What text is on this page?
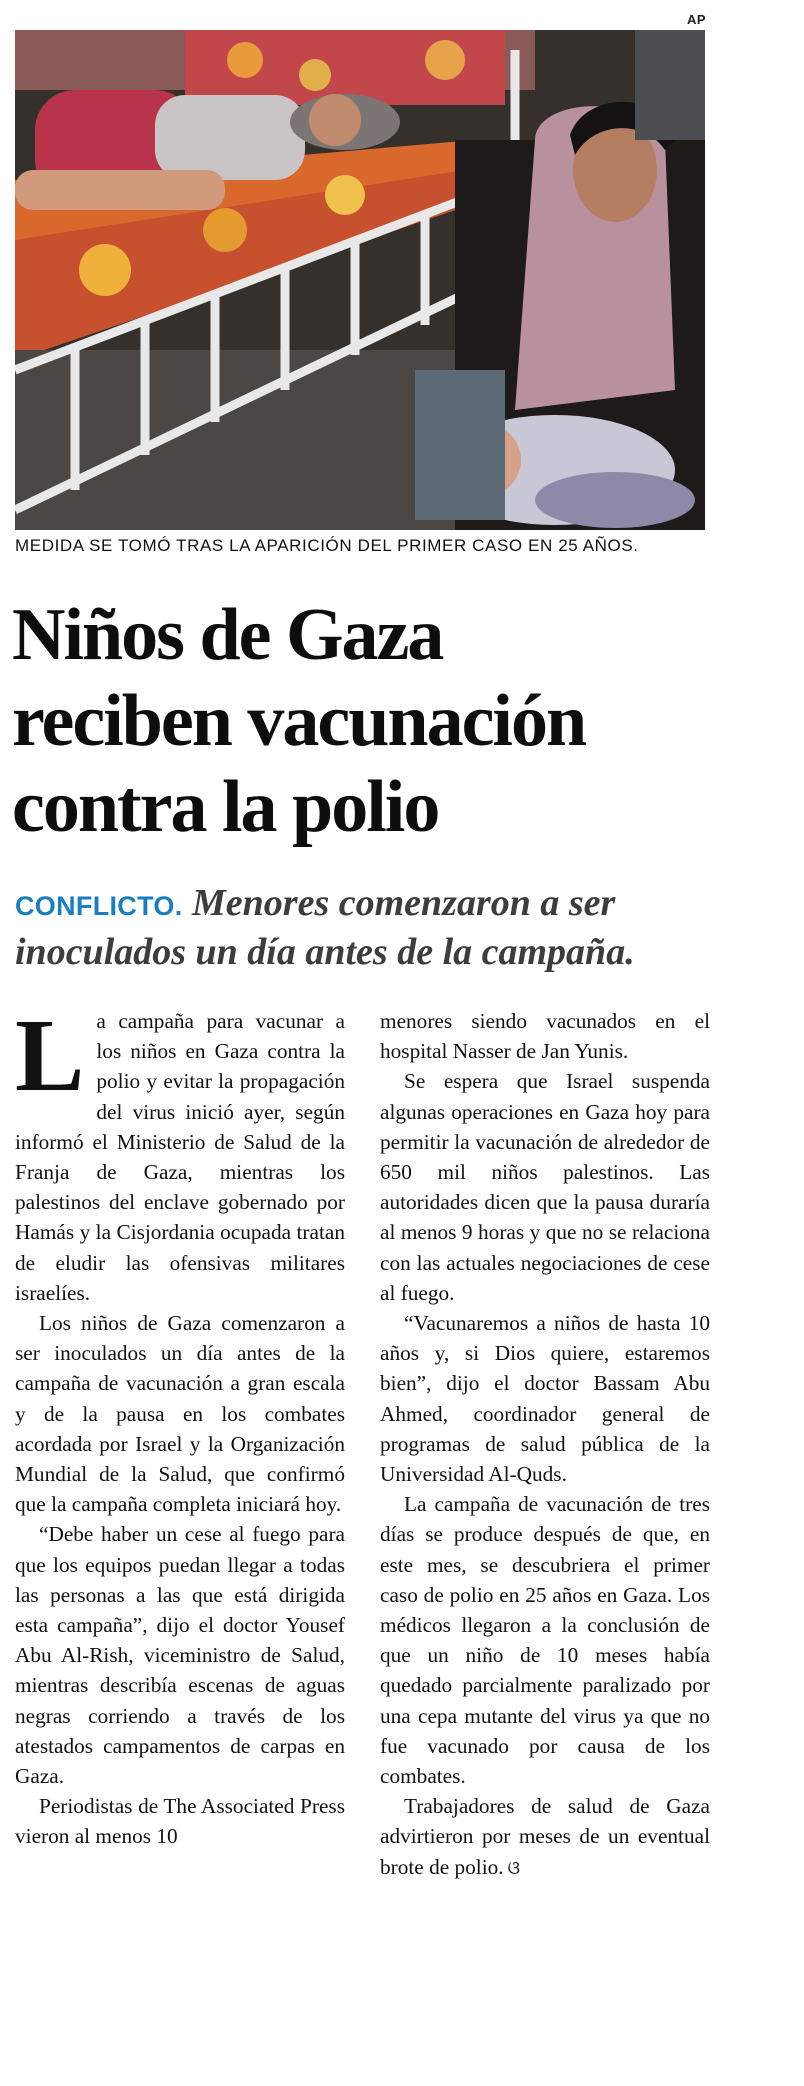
AP
MEDIDA SE TOMÓ TRAS LA APARICIÓN DEL PRIMER CASO EN 25 AÑOS.
Niños de Gaza
reciben vacunación
contra la polio
CONFLICTO. Menores comenzaron a ser inoculados un día antes de la campaña.

La campaña para vacunar a los niños en Gaza contra la polio y evitar la propagación del virus inició ayer, según informó el Ministerio de Salud de la Franja de Gaza, mientras los palestinos del enclave gobernado por Hamás y la Cisjordania ocupada tratan de eludir las ofensivas militares israelíes.

Los niños de Gaza comenzaron a ser inoculados un día antes de la campaña de vacunación a gran escala y de la pausa en los combates acordada por Israel y la Organización Mundial de la Salud, que confirmó que la campaña completa iniciará hoy.

“Debe haber un cese al fuego para que los equipos puedan llegar a todas las personas a las que está dirigida esta campaña”, dijo el doctor Yousef Abu Al-Rish, viceministro de Salud, mientras describía escenas de aguas negras corriendo a través de los atestados campamentos de carpas en Gaza.

Periodistas de The Associated Press vieron al menos 10

menores siendo vacunados en el hospital Nasser de Jan Yunis.

Se espera que Israel suspenda algunas operaciones en Gaza hoy para permitir la vacunación de alrededor de 650 mil niños palestinos. Las autoridades dicen que la pausa duraría al menos 9 horas y que no se relaciona con las actuales negociaciones de cese al fuego.

“Vacunaremos a niños de hasta 10 años y, si Dios quiere, estaremos bien”, dijo el doctor Bassam Abu Ahmed, coordinador general de programas de salud pública de la Universidad Al-Quds.

La campaña de vacunación de tres días se produce después de que, en este mes, se descubriera el primer caso de polio en 25 años en Gaza. Los médicos llegaron a la conclusión de que un niño de 10 meses había quedado parcialmente paralizado por una cepa mutante del virus ya que no fue vacunado por causa de los combates.

Trabajadores de salud de Gaza advirtieron por meses de un eventual brote de polio. ଓ
